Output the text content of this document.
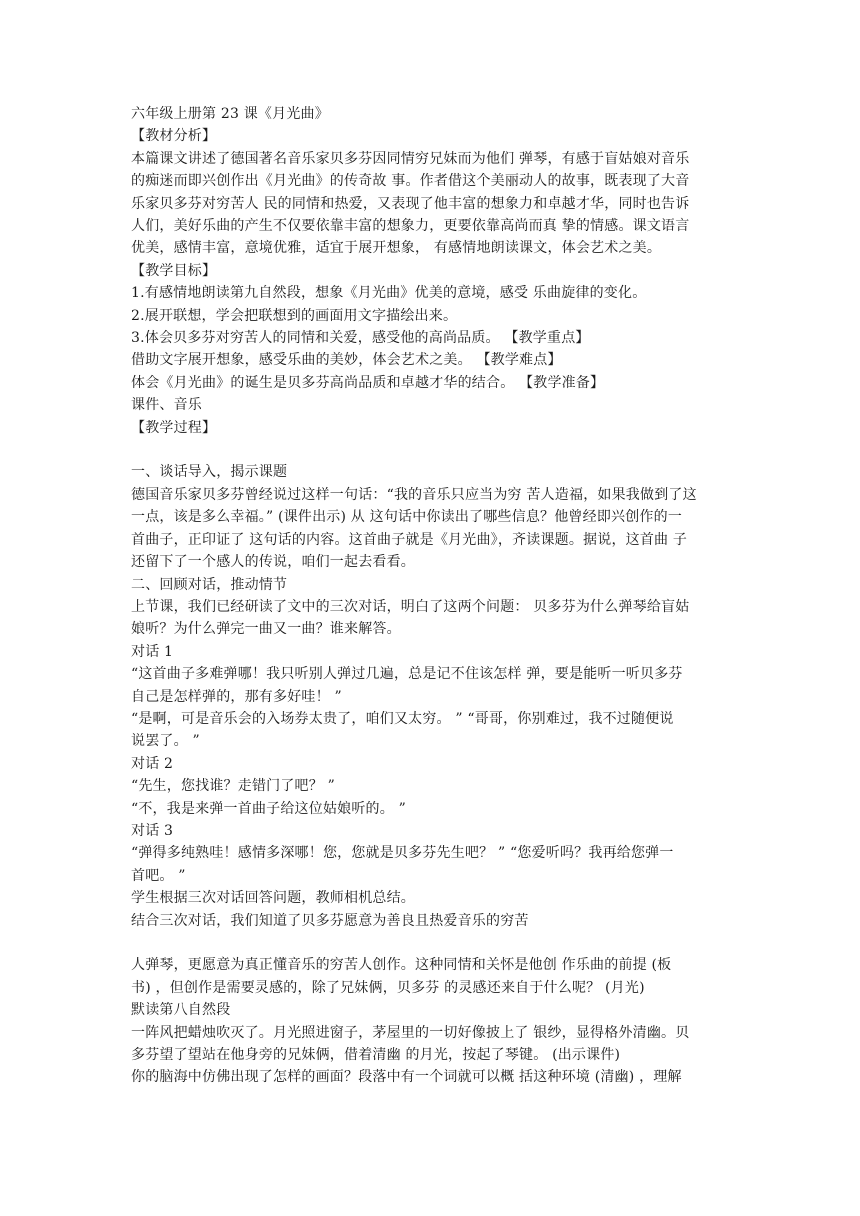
六年级上册第 23 课《月光曲》
【教材分析】
本篇课文讲述了德国著名音乐家贝多芬因同情穷兄妹而为他们 弹琴，有感于盲姑娘对音乐
的痴迷而即兴创作出《月光曲》的传奇故 事。作者借这个美丽动人的故事，既表现了大音
乐家贝多芬对穷苦人 民的同情和热爱，又表现了他丰富的想象力和卓越才华，同时也告诉
人们，美好乐曲的产生不仅要依靠丰富的想象力，更要依靠高尚而真 挚的情感。课文语言
优美，感情丰富，意境优雅，适宜于展开想象， 有感情地朗读课文，体会艺术之美。
【教学目标】
1.有感情地朗读第九自然段，想象《月光曲》优美的意境，感受 乐曲旋律的变化。
2.展开联想，学会把联想到的画面用文字描绘出来。
3.体会贝多芬对穷苦人的同情和关爱，感受他的高尚品质。 【教学重点】
借助文字展开想象，感受乐曲的美妙，体会艺术之美。 【教学难点】
体会《月光曲》的诞生是贝多芬高尚品质和卓越才华的结合。 【教学准备】
课件、音乐
【教学过程】
一、谈话导入，揭示课题
德国音乐家贝多芬曾经说过这样一句话：“我的音乐只应当为穷 苦人造福，如果我做到了这
一点，该是多么幸福。” (课件出示) 从 这句话中你读出了哪些信息？他曾经即兴创作的一
首曲子，正印证了 这句话的内容。这首曲子就是《月光曲》，齐读课题。据说，这首曲 子
还留下了一个感人的传说，咱们一起去看看。
二、回顾对话，推动情节
上节课，我们已经研读了文中的三次对话，明白了这两个问题： 贝多芬为什么弹琴给盲姑
娘听？为什么弹完一曲又一曲？谁来解答。
对话 1
“这首曲子多难弹哪！我只听别人弹过几遍，总是记不住该怎样 弹，要是能听一听贝多芬
自己是怎样弹的，那有多好哇！ ”
“是啊，可是音乐会的入场券太贵了，咱们又太穷。 ” “哥哥，你别难过，我不过随便说
说罢了。 ”
对话 2
“先生，您找谁？走错门了吧？ ”
“不，我是来弹一首曲子给这位姑娘听的。 ”
对话 3
“弹得多纯熟哇！感情多深哪！您，您就是贝多芬先生吧？ ” “您爱听吗？我再给您弹一
首吧。 ”
学生根据三次对话回答问题，教师相机总结。
结合三次对话，我们知道了贝多芬愿意为善良且热爱音乐的穷苦
人弹琴，更愿意为真正懂音乐的穷苦人创作。这种同情和关怀是他创 作乐曲的前提 (板
书) ，但创作是需要灵感的，除了兄妹俩，贝多芬 的灵感还来自于什么呢？ (月光)
默读第八自然段
一阵风把蜡烛吹灭了。月光照进窗子，茅屋里的一切好像披上了 银纱，显得格外清幽。贝
多芬望了望站在他身旁的兄妹俩，借着清幽 的月光，按起了琴键。 (出示课件)
你的脑海中仿佛出现了怎样的画面？段落中有一个词就可以概 括这种环境 (清幽) ，理解
